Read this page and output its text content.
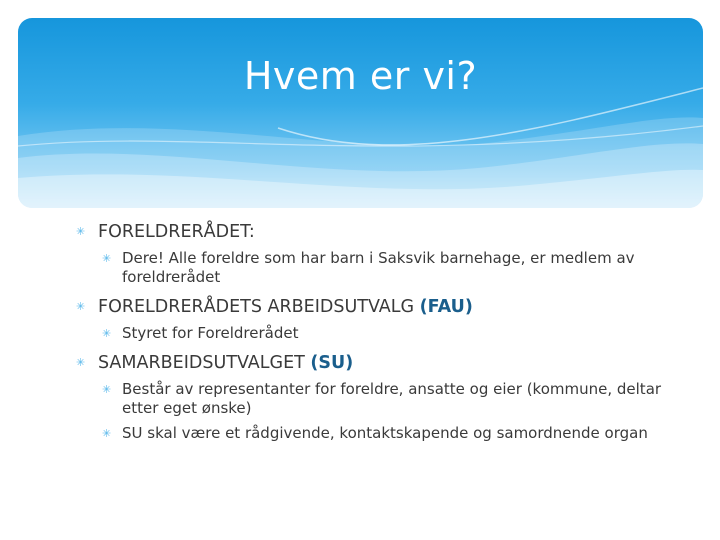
Hvem er vi?
✳ FORELDRERÅDET:
✳ Dere! Alle foreldre som har barn i Saksvik barnehage, er medlem av foreldrerådet
✳ FORELDRERÅDETS ARBEIDSUTVALG (FAU)
✳ Styret for Foreldrerådet
✳ SAMARBEIDSUTVALGET (SU)
✳ Består av representanter for foreldre, ansatte og eier (kommune, deltar etter eget ønske)
✳ SU skal være et rådgivende, kontaktskapende og samordnende organ
